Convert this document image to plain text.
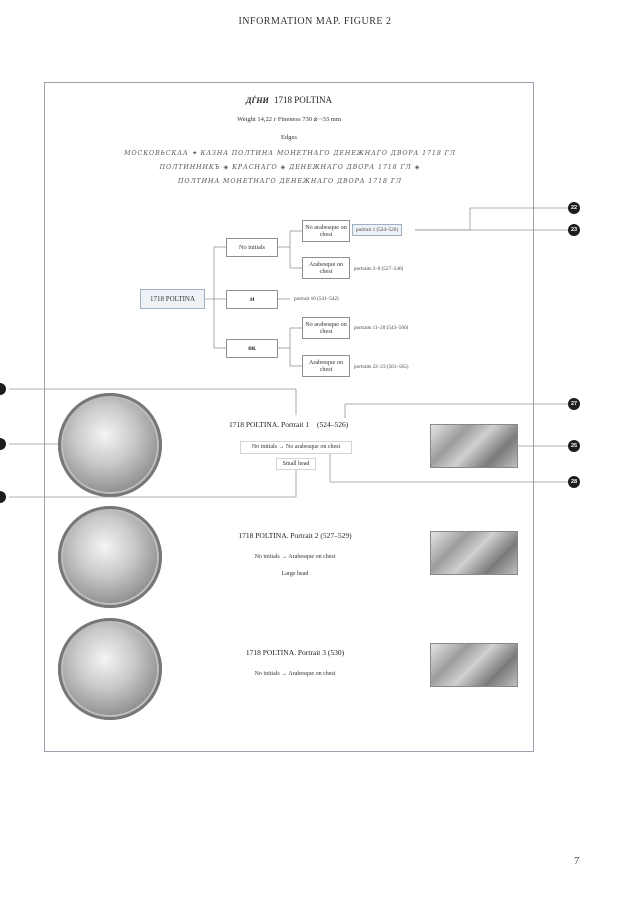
INFORMATION MAP. FIGURE 2
ДЃНИ 1718 POLTINA
Weight 14,22 г Fineness 730 ⌀ ~33 mm
Edges
МОСКОВЬСКАА ✦ КАЗНА ПОЛТИНА МОНЕТНАГО ДЕНЕЖНАГО ДВОРА 1718 ГЛ
ПОЛТИННИКЪ ◈ КРАСНАГО ◈ ДЕНЕЖНАГО ДВОРА 1718 ГЛ ◈
ПОЛТИНА МОНЕТНАГО ДЕНЕЖНАГО ДВОРА 1718 ГЛ
1718 POLTINA
No initials
м
ок
No arabesque on chest
Arabesque on chest
No arabesque on chest
Arabesque on chest
portrait 1 (524–526)
portraits 2–9 (527–540)
portrait 10 (541–542)
portraits 11–20 (543–560)
portraits 22–23 (561–565)
1718 POLTINA. Portrait 1 (524–526)
No initials → No arabesque on chest
Small head
1718 POLTINA. Portrait 2 (527–529)
No initials → Arabesque on chest
Large head
1718 POLTINA. Portrait 3 (530)
No initials → Arabesque on chest
22
23
27
25
28
7
